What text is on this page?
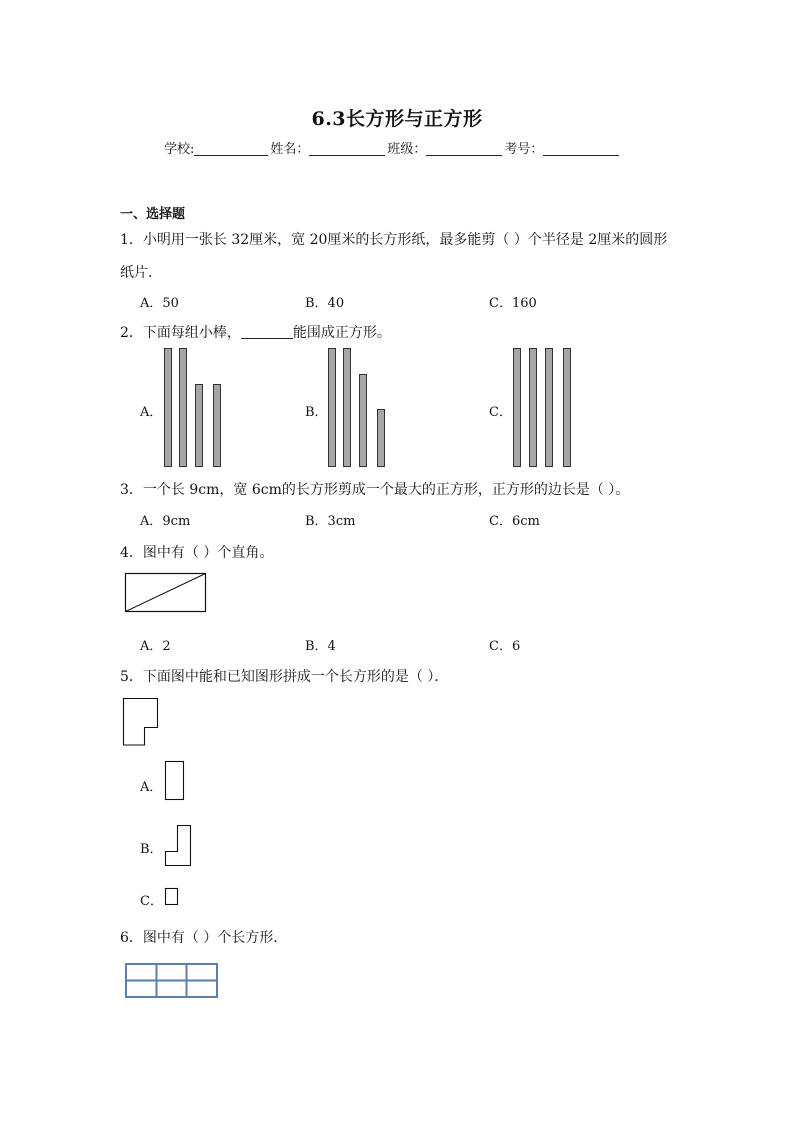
6.3长方形与正方形
学校:	姓名：	班级：	考号：
一、选择题
1．小明用一张长 32厘米，宽 20厘米的长方形纸，最多能剪（ ）个半径是 2厘米的圆形
纸片．
A．50	B．40	C．160
2．下面每组小棒，	能围成正方形。
A．	B．	C．
3．一个长 9cm，宽 6cm的长方形剪成一个最大的正方形，正方形的边长是（ ）。
A．9cm	B．3cm	C．6cm
4．图中有（ ）个直角。
A．2	B．4	C．6
5．下面图中能和已知图形拼成一个长方形的是（ ）．
A．
B．
C．
6．图中有（ ）个长方形．
